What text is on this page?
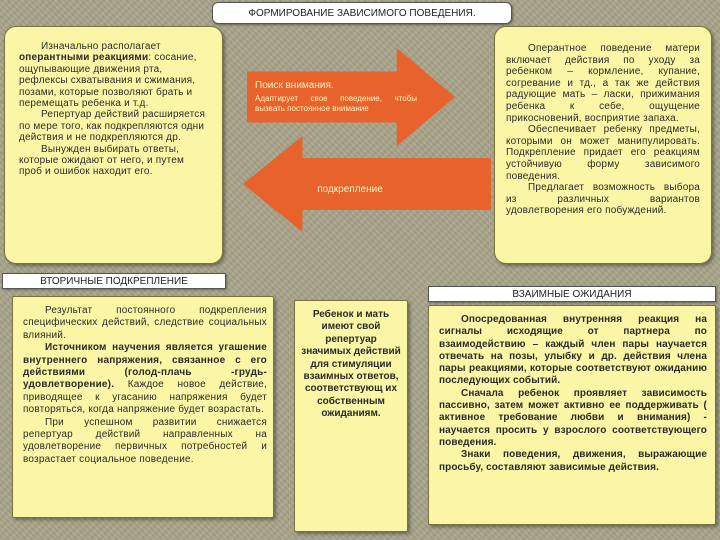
ФОРМИРОВАНИЕ ЗАВИСИМОГО ПОВЕДЕНИЯ.

Изначально располагает оперантными реакциями: сосание, ощупывающие движения рта, рефлексы схватывания и сжимания, позами, которые позволяют брать и перемещать ребенка и т.д.

Репертуар действий расширяется по мере того, как подкрепляются одни действия и не подкрепляются др.

Вынужден выбирать ответы, которые ожидают от него, и путем проб и ошибок находит его.

Оперантное поведение матери включает действия по уходу за ребенком – кормление, купание, согревание и тд., а так же действия радующие мать – ласки, прижимания ребенка к себе, ощущение прикосновений, восприятие запаха.

Обеспечивает ребенку предметы, которыми он может манипулировать. Подкрепление придает его реакциям устойчивую форму зависимого поведения.

Предлагает возможность выбора из различных вариантов удовлетворения его побуждений.

Поиск внимания.
Адаптирует свое поведение, чтобы вызвать постоянное внимание
подкрепление
ВТОРИЧНЫЕ ПОДКРЕПЛЕНИЕ
ВЗАИМНЫЕ ОЖИДАНИЯ

Результат постоянного подкрепления специфических действий, следствие социальных влияний.

Источником научения является угашение внутреннего напряжения, связанное с его действиями (голод-плачь -грудь-удовлетворение). Каждое новое действие, приводящее к угасанию напряжения будет повторяться, когда напряжение будет возрастать.

При успешном развитии снижается репертуар действий направленных на удовлетворение первичных потребностей и возрастает социальное поведение.

Ребенок и мать имеют свой репертуар значимых действий для стимуляции взаимных ответов, соответствующ их собственным ожиданиям.

Опосредованная внутренняя реакция на сигналы исходящие от партнера по взаимодействию – каждый член пары научается отвечать на позы, улыбку и др. действия члена пары реакциями, которые соответствуют ожиданию последующих событий.

Сначала ребенок проявляет зависимость пассивно, затем может активно ее поддерживать ( активное требование любви и внимания) - научается просить у взрослого соответствующего поведения.

Знаки поведения, движения, выражающие просьбу, составляют зависимые действия.
